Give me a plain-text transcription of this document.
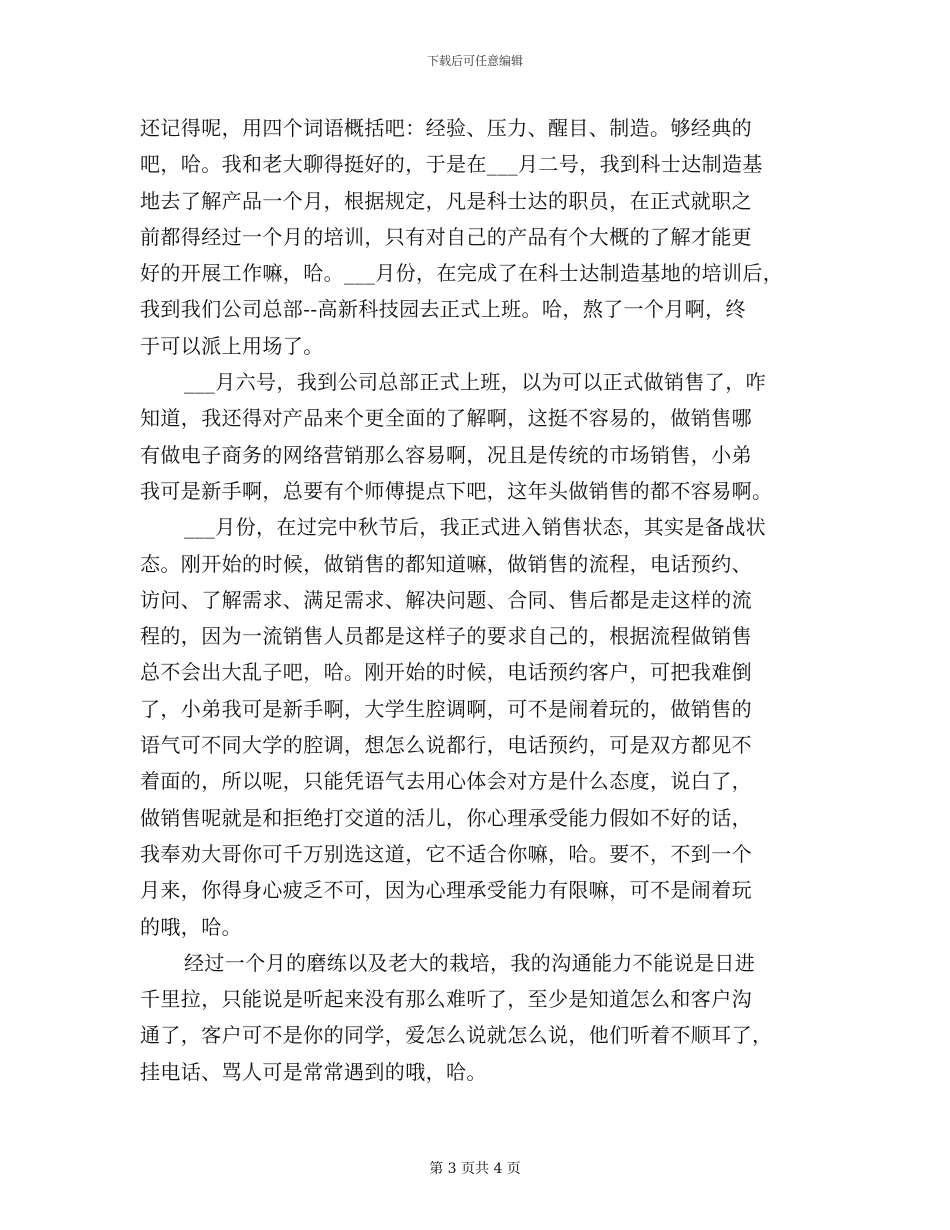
下载后可任意编辑
还记得呢，用四个词语概括吧：经验、压力、醒目、制造。够经典的
吧，哈。我和老大聊得挺好的，于是在___月二号，我到科士达制造基
地去了解产品一个月，根据规定，凡是科士达的职员，在正式就职之
前都得经过一个月的培训，只有对自己的产品有个大概的了解才能更
好的开展工作嘛，哈。___月份，在完成了在科士达制造基地的培训后，
我到我们公司总部--高新科技园去正式上班。哈，熬了一个月啊，终
于可以派上用场了。
___月六号，我到公司总部正式上班，以为可以正式做销售了，咋
知道，我还得对产品来个更全面的了解啊，这挺不容易的，做销售哪
有做电子商务的网络营销那么容易啊，况且是传统的市场销售，小弟
我可是新手啊，总要有个师傅提点下吧，这年头做销售的都不容易啊。
___月份，在过完中秋节后，我正式进入销售状态，其实是备战状
态。刚开始的时候，做销售的都知道嘛，做销售的流程，电话预约、
访问、了解需求、满足需求、解决问题、合同、售后都是走这样的流
程的，因为一流销售人员都是这样子的要求自己的，根据流程做销售
总不会出大乱子吧，哈。刚开始的时候，电话预约客户，可把我难倒
了，小弟我可是新手啊，大学生腔调啊，可不是闹着玩的，做销售的
语气可不同大学的腔调，想怎么说都行，电话预约，可是双方都见不
着面的，所以呢，只能凭语气去用心体会对方是什么态度，说白了，
做销售呢就是和拒绝打交道的活儿，你心理承受能力假如不好的话，
我奉劝大哥你可千万别选这道，它不适合你嘛，哈。要不，不到一个
月来，你得身心疲乏不可，因为心理承受能力有限嘛，可不是闹着玩
的哦，哈。
经过一个月的磨练以及老大的栽培，我的沟通能力不能说是日进
千里拉，只能说是听起来没有那么难听了，至少是知道怎么和客户沟
通了，客户可不是你的同学，爱怎么说就怎么说，他们听着不顺耳了，
挂电话、骂人可是常常遇到的哦，哈。
第 3 页共 4 页
